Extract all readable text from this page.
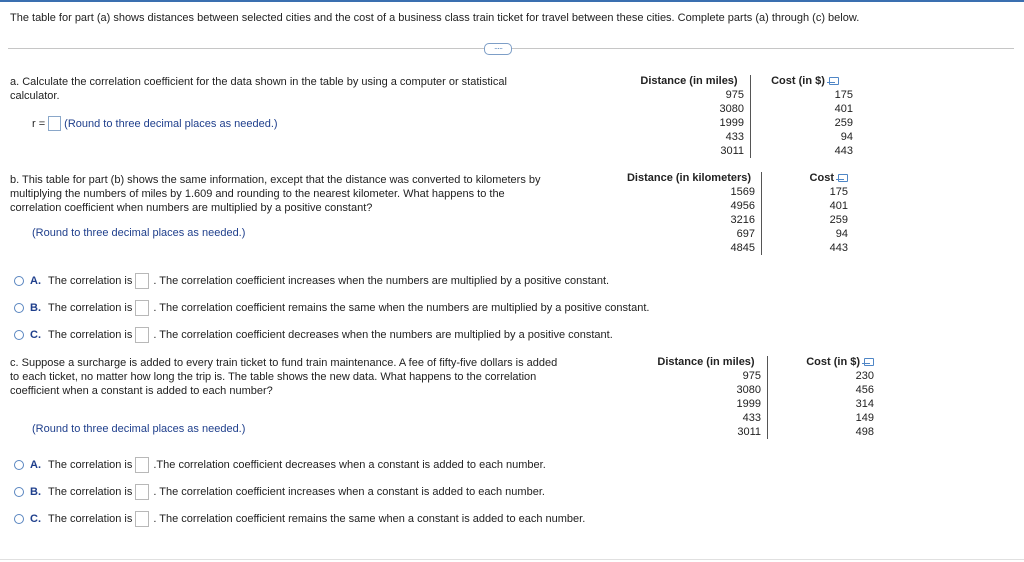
The table for part (a) shows distances between selected cities and the cost of a business class train ticket for travel between these cities. Complete parts (a) through (c) below.
·····
a. Calculate the correlation coefficient for the data shown in the table by using a computer or statistical
calculator.
r = (Round to three decimal places as needed.)
Distance (in miles)	Cost (in $)
975	175
3080	401
1999	259
433	94
3011	443
b. This table for part (b) shows the same information, except that the distance was converted to kilometers by
multiplying the numbers of miles by 1.609 and rounding to the nearest kilometer. What happens to the
correlation coefficient when numbers are multiplied by a positive constant?
(Round to three decimal places as needed.)
Distance (in kilometers)	Cost
1569	175
4956	401
3216	259
697	94
4845	443
A. The correlation is . The correlation coefficient increases when the numbers are multiplied by a positive constant.
B. The correlation is . The correlation coefficient remains the same when the numbers are multiplied by a positive constant.
C. The correlation is . The correlation coefficient decreases when the numbers are multiplied by a positive constant.
c. Suppose a surcharge is added to every train ticket to fund train maintenance. A fee of fifty-five dollars is added
to each ticket, no matter how long the trip is. The table shows the new data. What happens to the correlation
coefficient when a constant is added to each number?
(Round to three decimal places as needed.)
Distance (in miles)	Cost (in $)
975	230
3080	456
1999	314
433	149
3011	498
A. The correlation is .The correlation coefficient decreases when a constant is added to each number.
B. The correlation is . The correlation coefficient increases when a constant is added to each number.
C. The correlation is . The correlation coefficient remains the same when a constant is added to each number.
